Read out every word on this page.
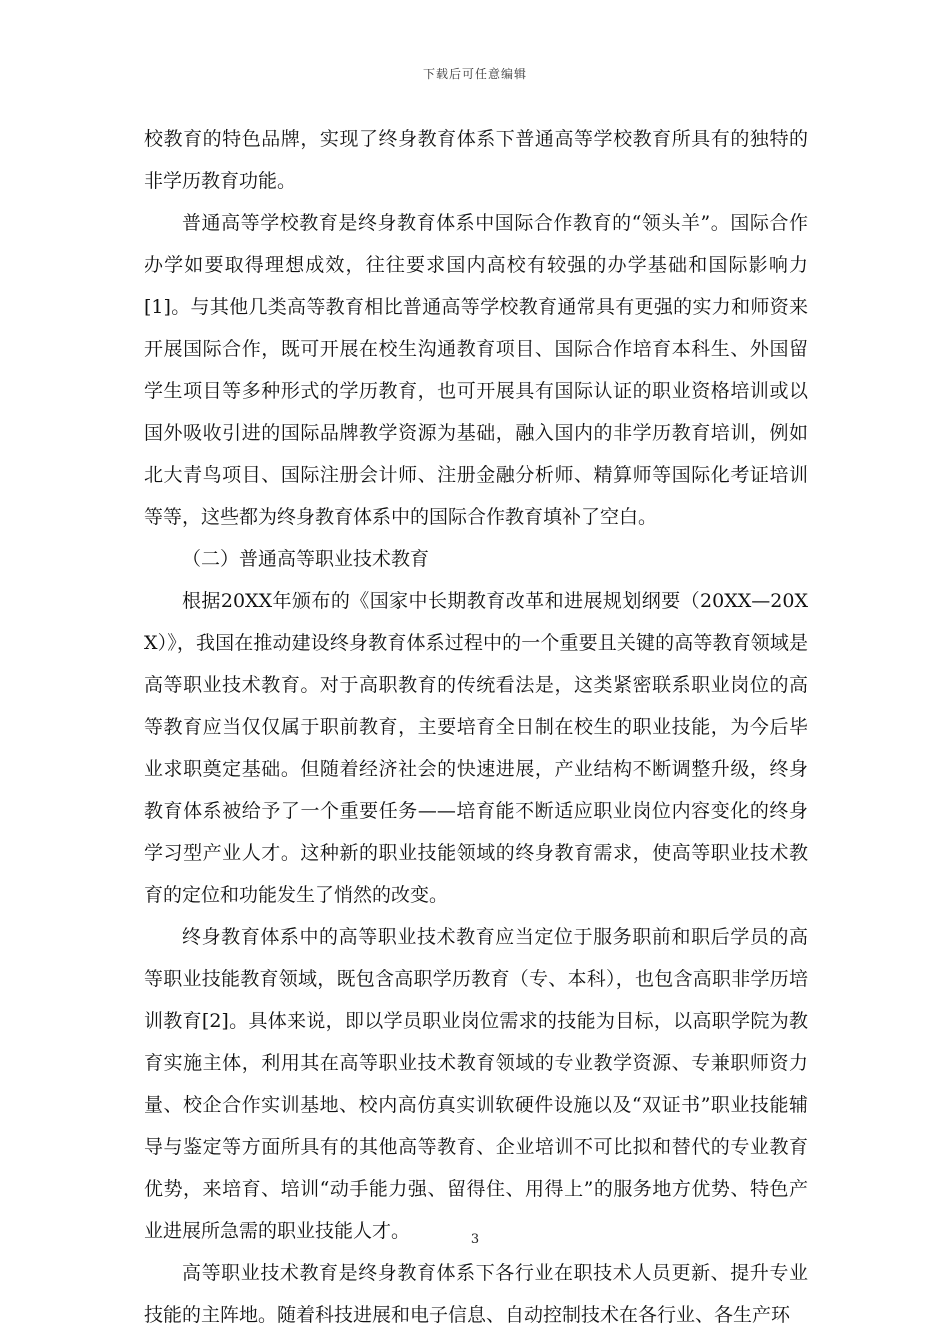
下载后可任意编辑

校教育的特色品牌，实现了终身教育体系下普通高等学校教育所具有的独特的非学历教育功能。

普通高等学校教育是终身教育体系中国际合作教育的“领头羊”。国际合作办学如要取得理想成效，往往要求国内高校有较强的办学基础和国际影响力[1]。与其他几类高等教育相比普通高等学校教育通常具有更强的实力和师资来开展国际合作，既可开展在校生沟通教育项目、国际合作培育本科生、外国留学生项目等多种形式的学历教育，也可开展具有国际认证的职业资格培训或以国外吸收引进的国际品牌教学资源为基础，融入国内的非学历教育培训，例如北大青鸟项目、国际注册会计师、注册金融分析师、精算师等国际化考证培训等等，这些都为终身教育体系中的国际合作教育填补了空白。

（二）普通高等职业技术教育

根据20XX年颁布的《国家中长期教育改革和进展规划纲要（20XX—20XX）》，我国在推动建设终身教育体系过程中的一个重要且关键的高等教育领域是高等职业技术教育。对于高职教育的传统看法是，这类紧密联系职业岗位的高等教育应当仅仅属于职前教育，主要培育全日制在校生的职业技能，为今后毕业求职奠定基础。但随着经济社会的快速进展，产业结构不断调整升级，终身教育体系被给予了一个重要任务——培育能不断适应职业岗位内容变化的终身学习型产业人才。这种新的职业技能领域的终身教育需求，使高等职业技术教育的定位和功能发生了悄然的改变。

终身教育体系中的高等职业技术教育应当定位于服务职前和职后学员的高等职业技能教育领域，既包含高职学历教育（专、本科），也包含高职非学历培训教育[2]。具体来说，即以学员职业岗位需求的技能为目标，以高职学院为教育实施主体，利用其在高等职业技术教育领域的专业教学资源、专兼职师资力量、校企合作实训基地、校内高仿真实训软硬件设施以及“双证书”职业技能辅导与鉴定等方面所具有的其他高等教育、企业培训不可比拟和替代的专业教育优势，来培育、培训“动手能力强、留得住、用得上”的服务地方优势、特色产业进展所急需的职业技能人才。

高等职业技术教育是终身教育体系下各行业在职技术人员更新、提升专业技能的主阵地。随着科技进展和电子信息、自动控制技术在各行业、各生产环

3
